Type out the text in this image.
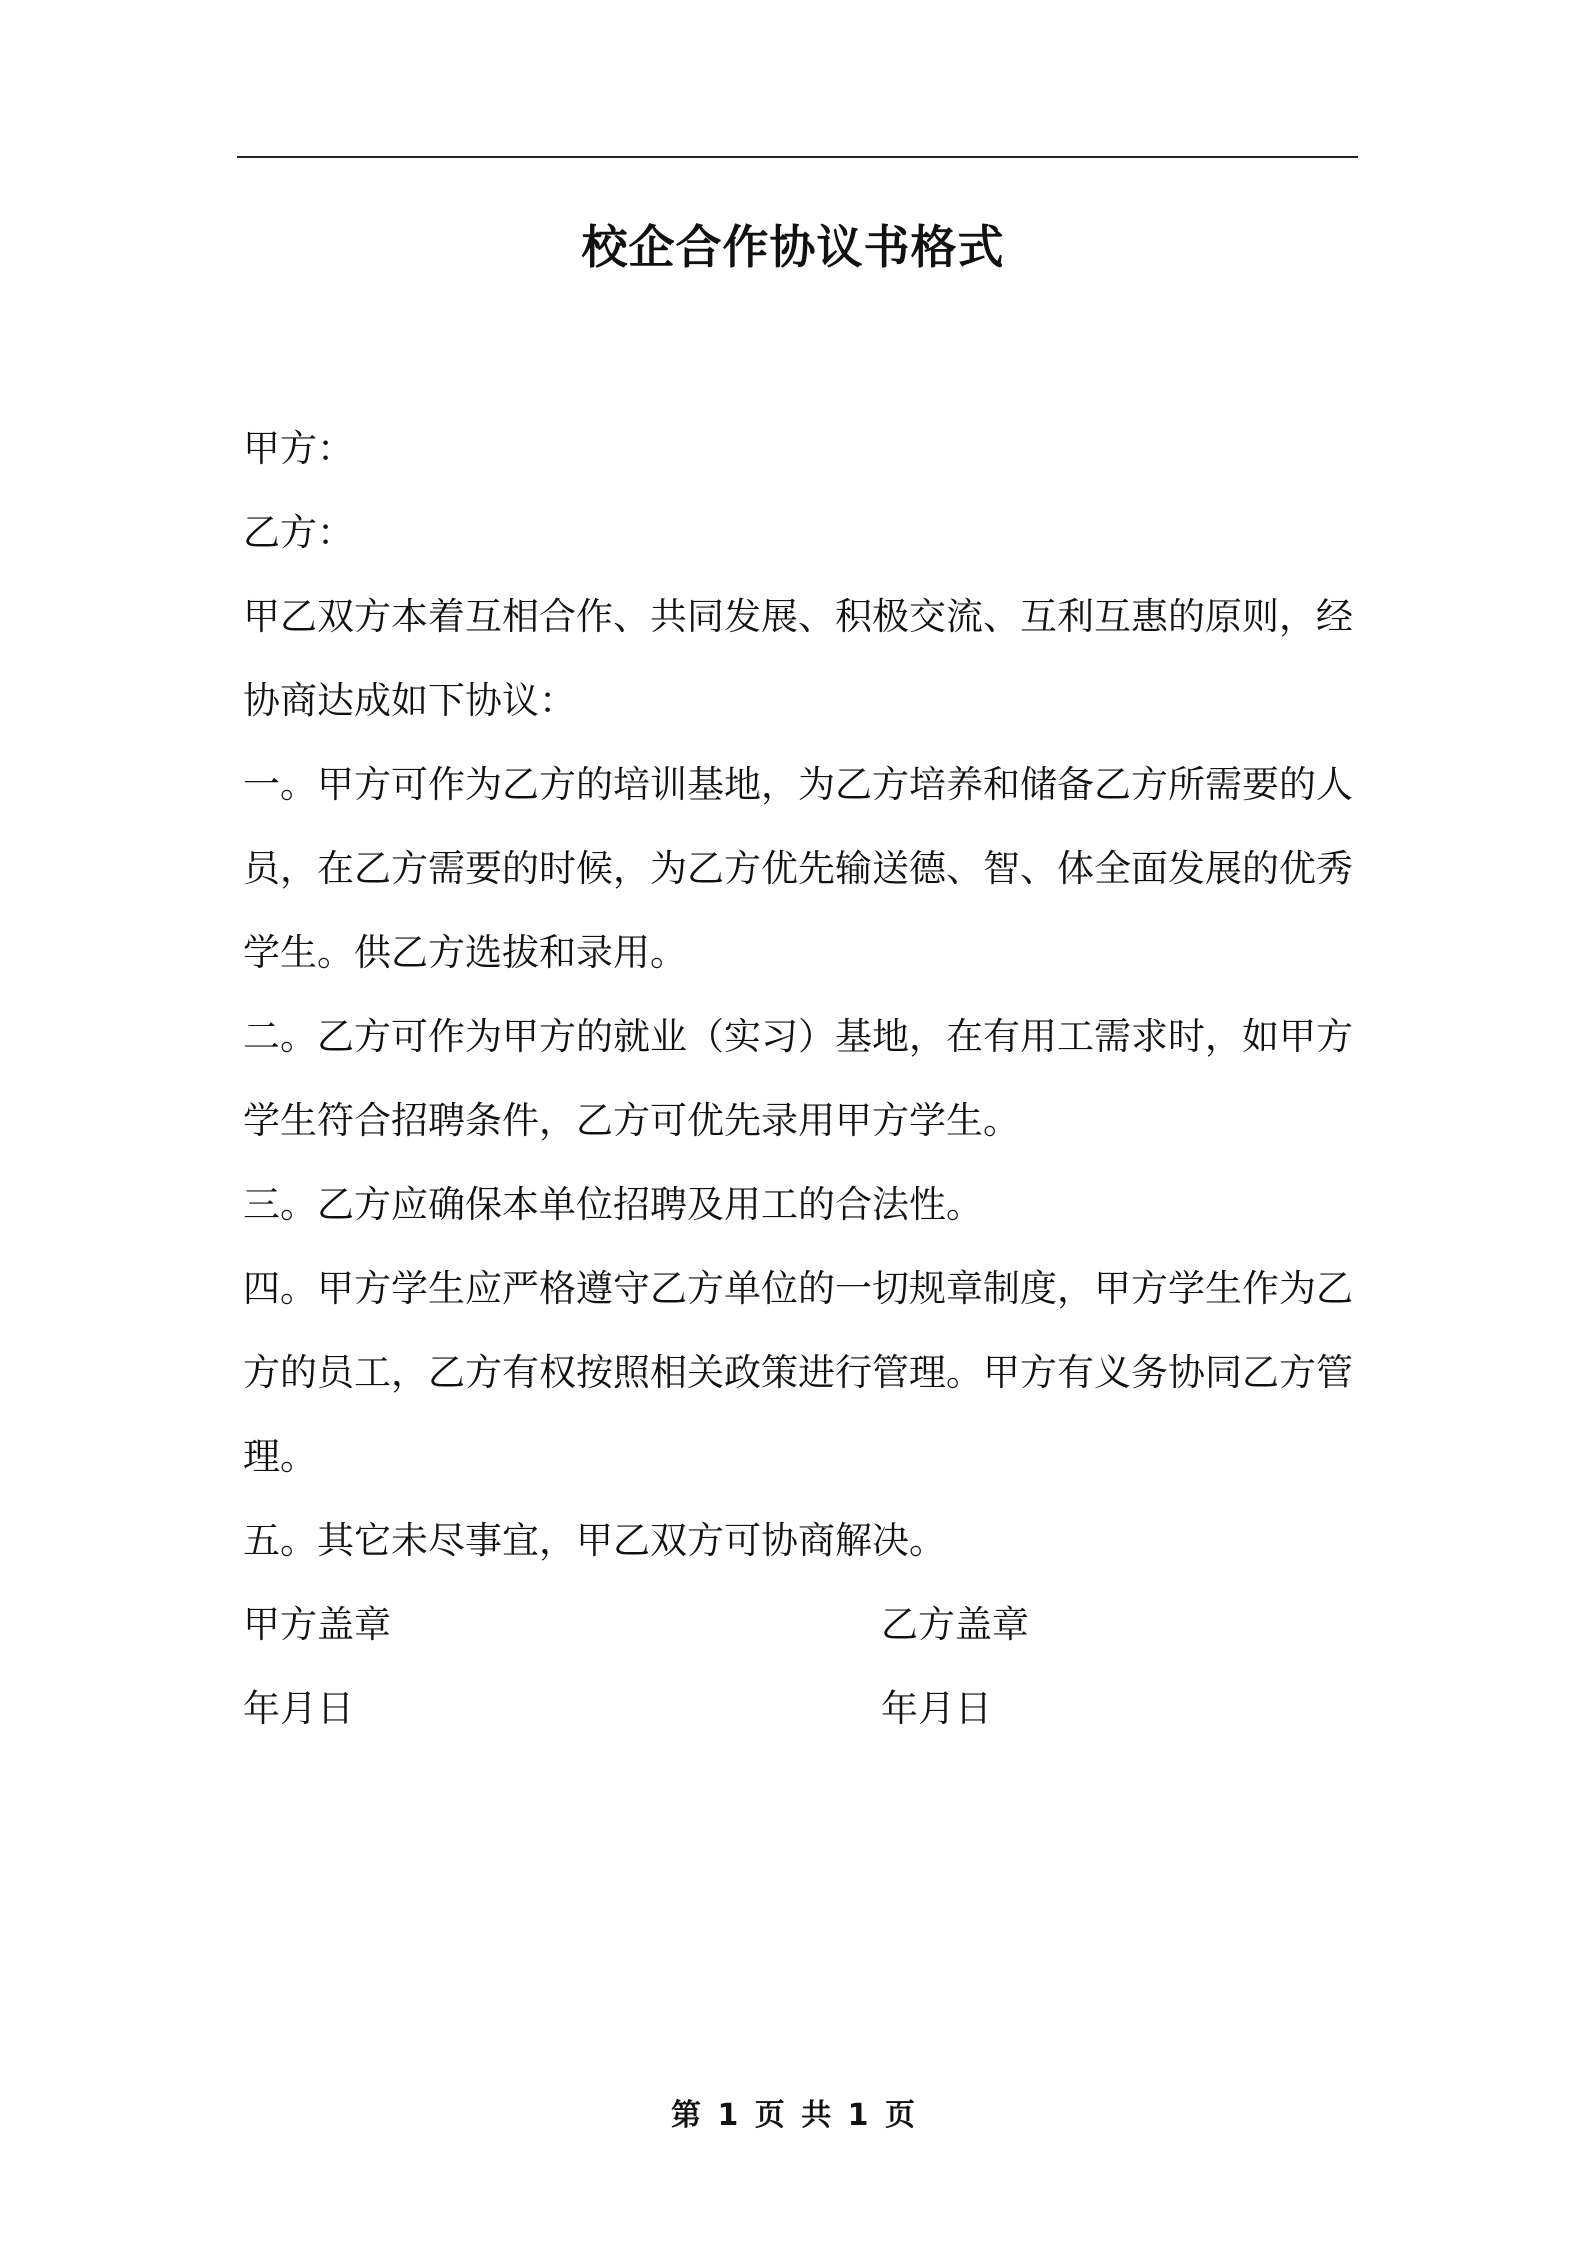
校企合作协议书格式

甲方：

乙方：

甲乙双方本着互相合作、共同发展、积极交流、互利互惠的原则，经协商达成如下协议：

一。甲方可作为乙方的培训基地，为乙方培养和储备乙方所需要的人员，在乙方需要的时候，为乙方优先输送德、智、体全面发展的优秀学生。供乙方选拔和录用。

二。乙方可作为甲方的就业（实习）基地，在有用工需求时，如甲方学生符合招聘条件，乙方可优先录用甲方学生。

三。乙方应确保本单位招聘及用工的合法性。

四。甲方学生应严格遵守乙方单位的一切规章制度，甲方学生作为乙方的员工，乙方有权按照相关政策进行管理。甲方有义务协同乙方管理。

五。其它未尽事宜，甲乙双方可协商解决。

甲方盖章	乙方盖章
年月日	年月日
第 1 页 共 1 页
